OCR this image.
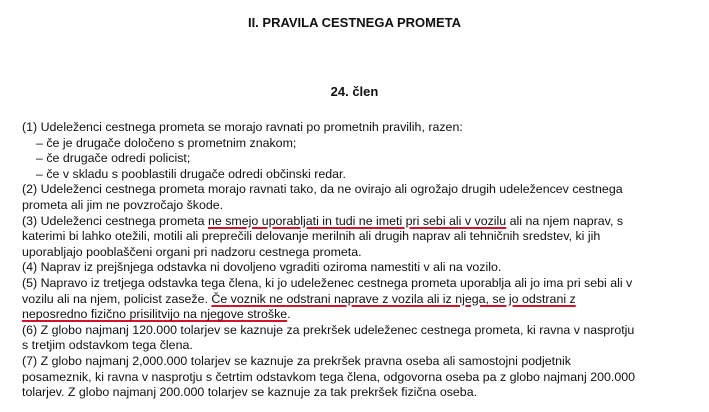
II. PRAVILA CESTNEGA PROMETA
24. člen
(1) Udeleženci cestnega prometa se morajo ravnati po prometnih pravilih, razen:
– če je drugače določeno s prometnim znakom;
– če drugače odredi policist;
– če v skladu s pooblastili drugače odredi občinski redar.
(2) Udeleženci cestnega prometa morajo ravnati tako, da ne ovirajo ali ogrožajo drugih udeležencev cestnega
prometa ali jim ne povzročajo škode.
(3) Udeleženci cestnega prometa ne smejo uporabljati in tudi ne imeti pri sebi ali v vozilu ali na njem naprav, s
katerimi bi lahko otežili, motili ali preprečili delovanje merilnih ali drugih naprav ali tehničnih sredstev, ki jih
uporabljajo pooblaščeni organi pri nadzoru cestnega prometa.
(4) Naprav iz prejšnjega odstavka ni dovoljeno vgraditi oziroma namestiti v ali na vozilo.
(5) Napravo iz tretjega odstavka tega člena, ki jo udeleženec cestnega prometa uporablja ali jo ima pri sebi ali v
vozilu ali na njem, policist zaseže. Če voznik ne odstrani naprave z vozila ali iz njega, se jo odstrani z
neposredno fizično prisilitvijo na njegove stroške.
(6) Z globo najmanj 120.000 tolarjev se kaznuje za prekršek udeleženec cestnega prometa, ki ravna v nasprotju
s tretjim odstavkom tega člena.
(7) Z globo najmanj 2,000.000 tolarjev se kaznuje za prekršek pravna oseba ali samostojni podjetnik
posameznik, ki ravna v nasprotju s četrtim odstavkom tega člena, odgovorna oseba pa z globo najmanj 200.000
tolarjev. Z globo najmanj 200.000 tolarjev se kaznuje za tak prekršek fizična oseba.
